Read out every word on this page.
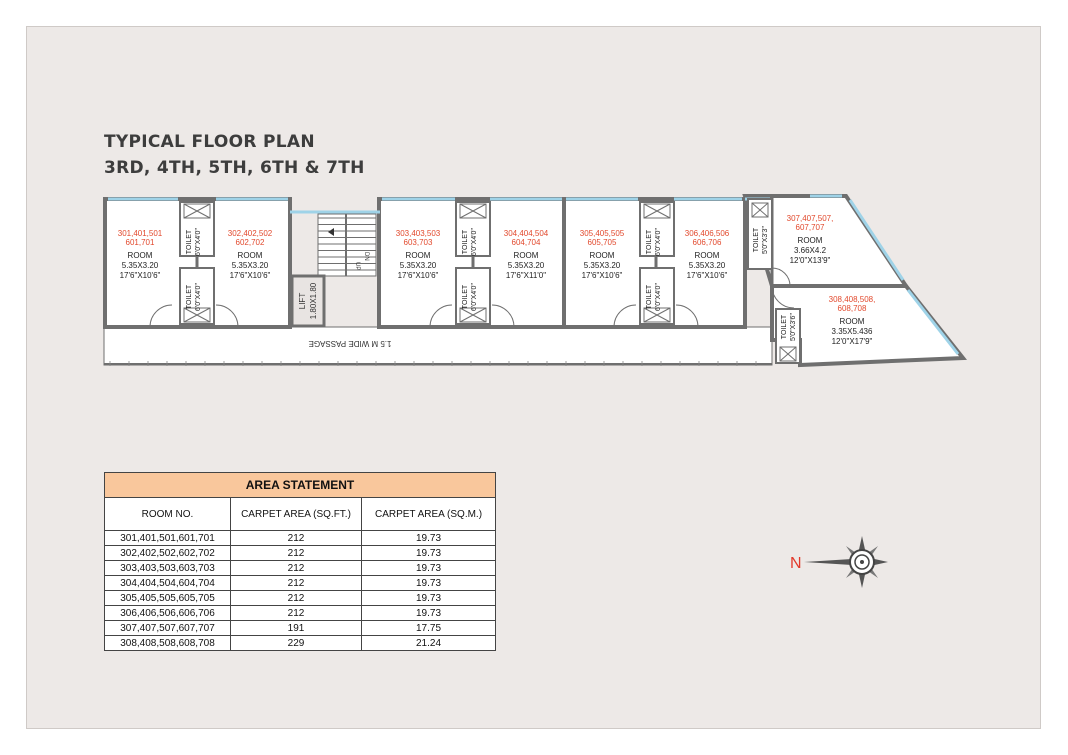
TYPICAL FLOOR PLAN
3RD, 4TH, 5TH, 6TH & 7TH
1.5 M WIDE PASSAGE
UP
DN
LIFT 1.80X1.80
301,401,501
601,701
ROOM
5.35X3.20
17'6"X10'6"
302,402,502
602,702
ROOM
5.35X3.20
17'6"X10'6"
303,403,503
603,703
ROOM
5.35X3.20
17'6"X10'6"
304,404,504
604,704
ROOM
5.35X3.20
17'6"X11'0"
305,405,505
605,705
ROOM
5.35X3.20
17'6"X10'6"
306,406,506
606,706
ROOM
5.35X3.20
17'6"X10'6"
307,407,507,
607,707
ROOM
3.66X4.2
12'0"X13'9"
308,408,508,
608,708
ROOM
3.35X5.436
12'0"X17'9"
TOILET 6'0"X4'0"
TOILET 6'0"X4'0"
TOILET 6'0"X4'0"
TOILET 6'0"X4'0"
TOILET 6'0"X4'0"
TOILET 6'0"X4'0"
TOILET 5'0"X3'3"
TOILET 5'0"X3'6"
AREA STATEMENT		
ROOM NO.	CARPET AREA (SQ.FT.)	CARPET AREA (SQ.M.)
301,401,501,601,701	212	19.73
302,402,502,602,702	212	19.73
303,403,503,603,703	212	19.73
304,404,504,604,704	212	19.73
305,405,505,605,705	212	19.73
306,406,506,606,706	212	19.73
307,407,507,607,707	191	17.75
308,408,508,608,708	229	21.24
N
